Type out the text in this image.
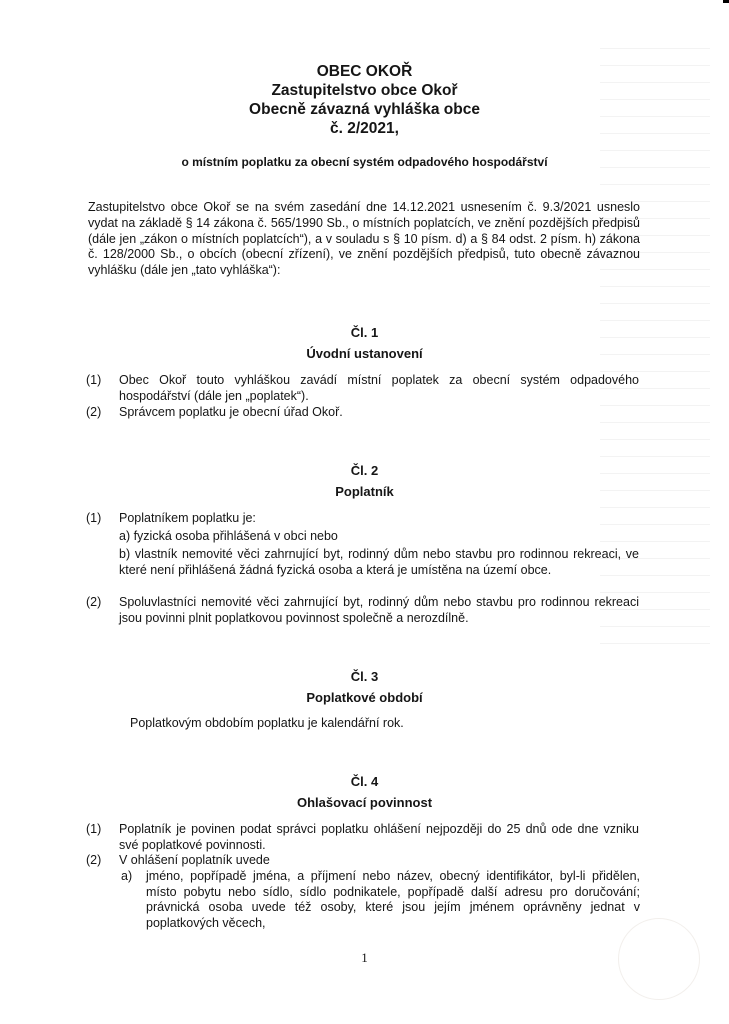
OBEC OKOŘ
Zastupitelstvo obce Okoř
Obecně závazná vyhláška obce
č. 2/2021,
o místním poplatku za obecní systém odpadového hospodářství
Zastupitelstvo obce Okoř se na svém zasedání dne 14.12.2021 usnesením č. 9.3/2021 usneslo vydat na základě § 14 zákona č. 565/1990 Sb., o místních poplatcích, ve znění pozdějších předpisů (dále jen „zákon o místních poplatcích“), a v souladu s § 10 písm. d) a § 84 odst. 2 písm. h) zákona č. 128/2000 Sb., o obcích (obecní zřízení), ve znění pozdějších předpisů, tuto obecně závaznou vyhlášku (dále jen „tato vyhláška“):
Čl. 1
Úvodní ustanovení
(1) Obec Okoř touto vyhláškou zavádí místní poplatek za obecní systém odpadového hospodářství (dále jen „poplatek“).
(2) Správcem poplatku je obecní úřad Okoř.
Čl. 2
Poplatník
(1) Poplatníkem poplatku je:
a) fyzická osoba přihlášená v obci nebo
b) vlastník nemovité věci zahrnující byt, rodinný dům nebo stavbu pro rodinnou rekreaci, ve které není přihlášená žádná fyzická osoba a která je umístěna na území obce.
(2) Spoluvlastníci nemovité věci zahrnující byt, rodinný dům nebo stavbu pro rodinnou rekreaci jsou povinni plnit poplatkovou povinnost společně a nerozdílně.
Čl. 3
Poplatkové období
Poplatkovým obdobím poplatku je kalendářní rok.
Čl. 4
Ohlašovací povinnost
(1) Poplatník je povinen podat správci poplatku ohlášení nejpozději do 25 dnů ode dne vzniku své poplatkové povinnosti.
(2) V ohlášení poplatník uvede
a) jméno, popřípadě jména, a příjmení nebo název, obecný identifikátor, byl-li přidělen, místo pobytu nebo sídlo, sídlo podnikatele, popřípadě další adresu pro doručování; právnická osoba uvede též osoby, které jsou jejím jménem oprávněny jednat v poplatkových věcech,
1
